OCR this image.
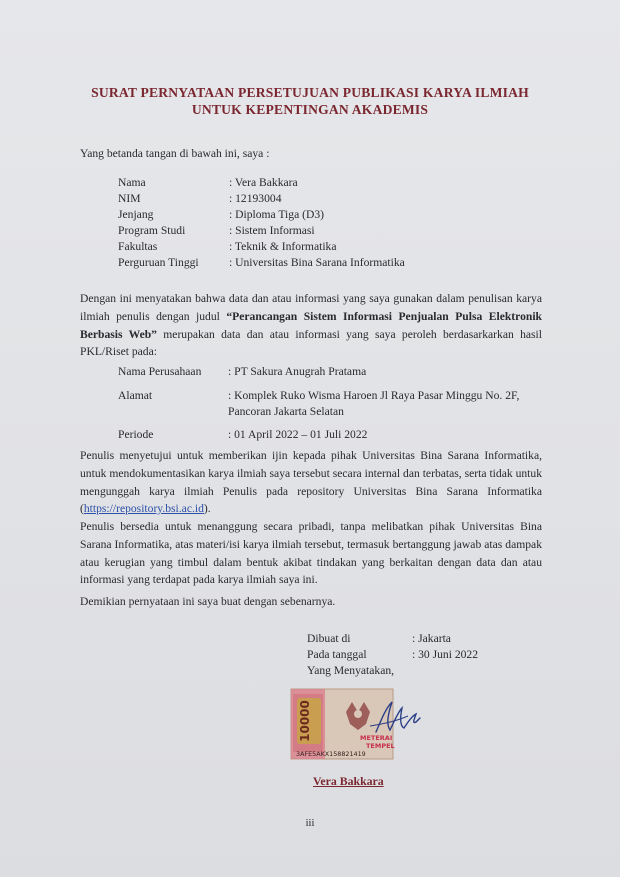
SURAT PERNYATAAN PERSETUJUAN PUBLIKASI KARYA ILMIAH
UNTUK KEPENTINGAN AKADEMIS
Yang betanda tangan di bawah ini, saya :
Nama	: Vera Bakkara
NIM	: 12193004
Jenjang	: Diploma Tiga (D3)
Program Studi	: Sistem Informasi
Fakultas	: Teknik & Informatika
Perguruan Tinggi	: Universitas Bina Sarana Informatika

Dengan ini menyatakan bahwa data dan atau informasi yang saya gunakan dalam penulisan karya ilmiah penulis dengan judul “Perancangan Sistem Informasi Penjualan Pulsa Elektronik Berbasis Web” merupakan data dan atau informasi yang saya peroleh berdasarkarkan hasil PKL/Riset pada:

Nama Perusahaan : PT Sakura Anugrah Pratama
Alamat	: Komplek Ruko Wisma Haroen Jl Raya Pasar Minggu No. 2F, Pancoran Jakarta Selatan
Periode	: 01 April 2022 – 01 Juli 2022

Penulis menyetujui untuk memberikan ijin kepada pihak Universitas Bina Sarana Informatika, untuk mendokumentasikan karya ilmiah saya tersebut secara internal dan terbatas, serta tidak untuk mengunggah karya ilmiah Penulis pada repository Universitas Bina Sarana Informatika (https://repository.bsi.ac.id).

Penulis bersedia untuk menanggung secara pribadi, tanpa melibatkan pihak Universitas Bina Sarana Informatika, atas materi/isi karya ilmiah tersebut, termasuk bertanggung jawab atas dampak atau kerugian yang timbul dalam bentuk akibat tindakan yang berkaitan dengan data dan atau informasi yang terdapat pada karya ilmiah saya ini.

Demikian pernyataan ini saya buat dengan sebenarnya.
Dibuat di	: Jakarta
Pada tanggal	: 30 Juni 2022
Yang Menyatakan,
10000	METERAI
TEMPEL
3AFE5AKX158821419
Vera Bakkara
iii
